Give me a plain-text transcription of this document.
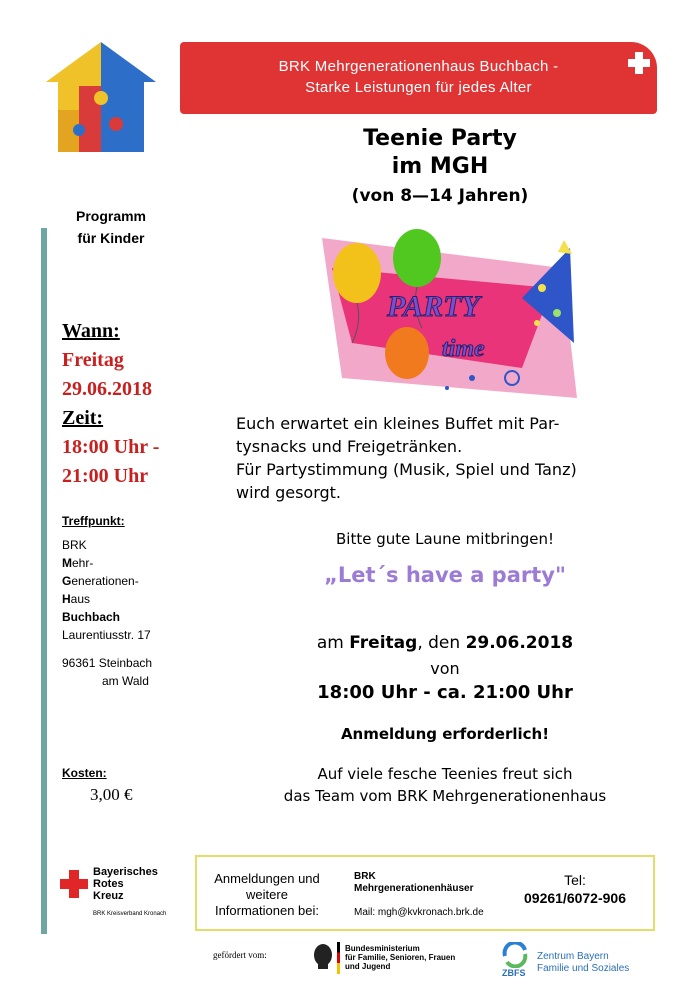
BRK Mehrgenerationenhaus Buchbach -
Starke Leistungen für jedes Alter
Programm
für Kinder
Wann:
Freitag
29.06.2018
Zeit:
18:00 Uhr -
21:00 Uhr
Treffpunkt:
BRK
Mehr-
Generationen-
Haus
Buchbach
Laurentiusstr. 17
96361 Steinbach
am Wald
Kosten:
3,00 €
Teenie Party
im MGH
(von 8—14 Jahren)
PARTY
time
Euch erwartet ein kleines Buffet mit Par-
tysnacks und Freigetränken.
Für Partystimmung (Musik, Spiel und Tanz)
wird gesorgt.
Bitte gute Laune mitbringen!
„Let´s have a party"
am Freitag, den 29.06.2018
von
18:00 Uhr - ca. 21:00 Uhr
Anmeldung erforderlich!
Auf viele fesche Teenies freut sich
das Team vom BRK Mehrgenerationenhaus
Anmeldungen und
weitere
Informationen bei:
BRK
Mehrgenerationenhäuser
Mail: mgh@kvkronach.brk.de
Tel:
09261/6072-906
Bayerisches
Rotes
Kreuz
BRK Kreisverband Kronach
gefördert vom:
Bundesministerium
für Familie, Senioren, Frauen
und Jugend
ZBFS
Zentrum Bayern
Familie und Soziales
